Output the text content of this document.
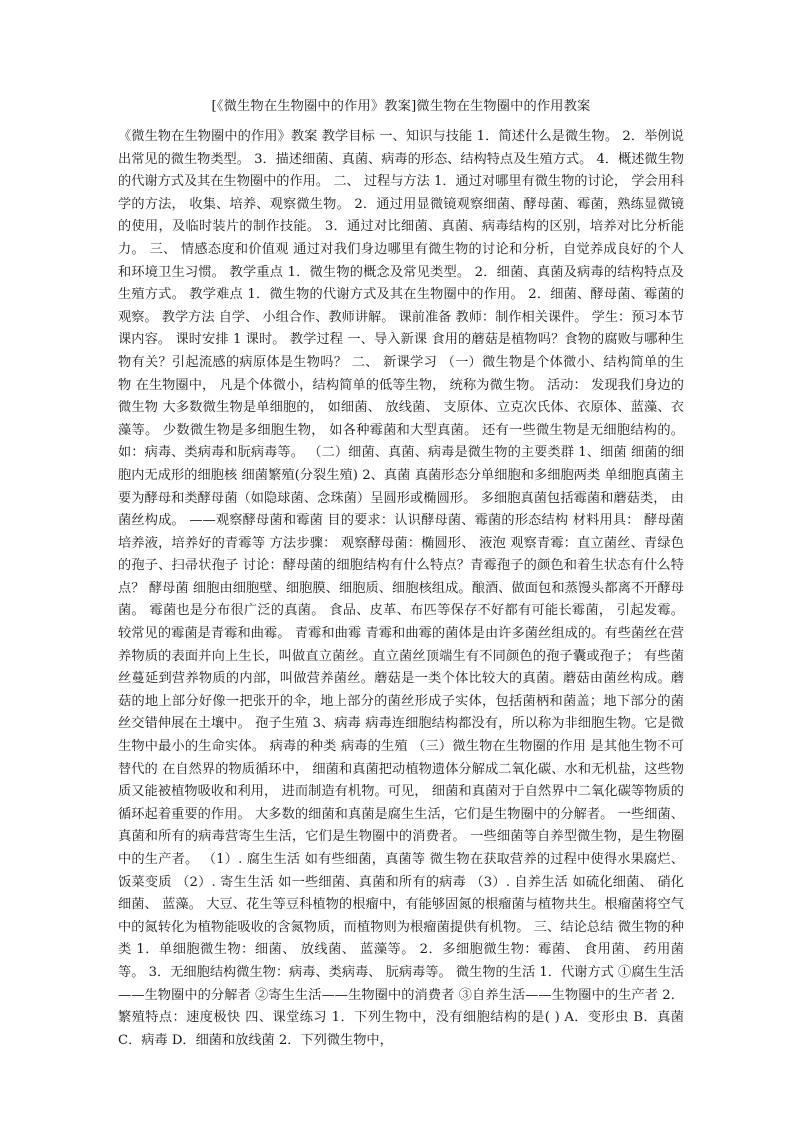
[《微生物在生物圈中的作用》教案]微生物在生物圈中的作用教案

《微生物在生物圈中的作用》教案 教学目标 一、知识与技能 1．简述什么是微生物。 2．举例说出常见的微生物类型。 3．描述细菌、真菌、病毒的形态、结构特点及生殖方式。 4．概述微生物的代谢方式及其在生物圈中的作用。 二、 过程与方法 1．通过对哪里有微生物的讨论， 学会用科学的方法， 收集、培养、观察微生物。 2．通过用显微镜观察细菌、酵母菌、霉菌，熟练显微镜的使用，及临时装片的制作技能。 3．通过对比细菌、真菌、病毒结构的区别，培养对比分析能力。 三、 情感态度和价值观 通过对我们身边哪里有微生物的讨论和分析，自觉养成良好的个人和环境卫生习惯。 教学重点 1．微生物的概念及常见类型。 2．细菌、真菌及病毒的结构特点及生殖方式。 教学难点 1．微生物的代谢方式及其在生物圈中的作用。 2．细菌、酵母菌、霉菌的观察。 教学方法 自学、 小组合作、教师讲解。 课前准备 教师：制作相关课件。 学生：预习本节课内容。 课时安排 1 课时。 教学过程 一、导入新课 食用的蘑菇是植物吗？食物的腐败与哪种生物有关？引起流感的病原体是生物吗？ 二、 新课学习 （一）微生物是个体微小、结构简单的生物 在生物圈中， 凡是个体微小，结构简单的低等生物， 统称为微生物。 活动： 发现我们身边的微生物 大多数微生物是单细胞的， 如细菌、 放线菌、 支原体、立克次氏体、衣原体、蓝藻、衣藻等。 少数微生物是多细胞生物， 如各种霉菌和大型真菌。 还有一些微生物是无细胞结构的。 如：病毒、类病毒和朊病毒等。 （二）细菌、真菌、病毒是微生物的主要类群 1、细菌 细菌的细胞内无成形的细胞核 细菌繁殖(分裂生殖) 2、真菌 真菌形态分单细胞和多细胞两类 单细胞真菌主要为酵母和类酵母菌（如隐球菌、念珠菌）呈圆形或椭圆形。 多细胞真菌包括霉菌和蘑菇类， 由菌丝构成。 ——观察酵母菌和霉菌 目的要求：认识酵母菌、霉菌的形态结构 材料用具： 酵母菌培养液，培养好的青霉等 方法步骤： 观察酵母菌：椭圆形、 液泡 观察青霉：直立菌丝、青绿色的孢子、扫帚状孢子 讨论：酵母菌的细胞结构有什么特点？青霉孢子的颜色和着生状态有什么特点？ 酵母菌 细胞由细胞壁、细胞膜、细胞质、细胞核组成。酿酒、做面包和蒸馒头都离不开酵母菌。 霉菌也是分布很广泛的真菌。 食品、皮革、布匹等保存不好都有可能长霉菌， 引起发霉。较常见的霉菌是青霉和曲霉。 青霉和曲霉 青霉和曲霉的菌体是由许多菌丝组成的。有些菌丝在营养物质的表面并向上生长，叫做直立菌丝。直立菌丝顶端生有不同颜色的孢子囊或孢子； 有些菌丝蔓延到营养物质的内部，叫做营养菌丝。蘑菇是一类个体比较大的真菌。蘑菇由菌丝构成。蘑菇的地上部分好像一把张开的伞，地上部分的菌丝形成子实体，包括菌柄和菌盖；地下部分的菌丝交错伸展在土壤中。 孢子生殖 3、病毒 病毒连细胞结构都没有，所以称为非细胞生物。它是微生物中最小的生命实体。 病毒的种类 病毒的生殖 （三）微生物在生物圈的作用 是其他生物不可替代的 在自然界的物质循环中， 细菌和真菌把动植物遗体分解成二氧化碳、水和无机盐，这些物质又能被植物吸收和利用， 进而制造有机物。可见， 细菌和真菌对于自然界中二氧化碳等物质的循环起着重要的作用。 大多数的细菌和真菌是腐生生活，它们是生物圈中的分解者。 一些细菌、真菌和所有的病毒营寄生生活，它们是生物圈中的消费者。 一些细菌等自养型微生物，是生物圈中的生产者。 （1）. 腐生生活 如有些细菌，真菌等 微生物在获取营养的过程中使得水果腐烂、饭菜变质 （2）. 寄生生活 如一些细菌、真菌和所有的病毒 （3）. 自养生活 如硫化细菌、 硝化细菌、 蓝藻。 大豆、花生等豆科植物的根瘤中，有能够固氮的根瘤菌与植物共生。根瘤菌将空气中的氮转化为植物能吸收的含氮物质，而植物则为根瘤菌提供有机物。 三、结论总结 微生物的种类 1．单细胞微生物：细菌、 放线菌、 蓝藻等。 2．多细胞微生物：霉菌、 食用菌、 药用菌等。 3．无细胞结构微生物：病毒、类病毒、 朊病毒等。 微生物的生活 1．代谢方式 ①腐生生活——生物圈中的分解者 ②寄生生活——生物圈中的消费者 ③自养生活——生物圈中的生产者 2．繁殖特点：速度极快 四、课堂练习 1．下列生物中，没有细胞结构的是( ) A．变形虫 B．真菌 C．病毒 D．细菌和放线菌 2．下列微生物中，
